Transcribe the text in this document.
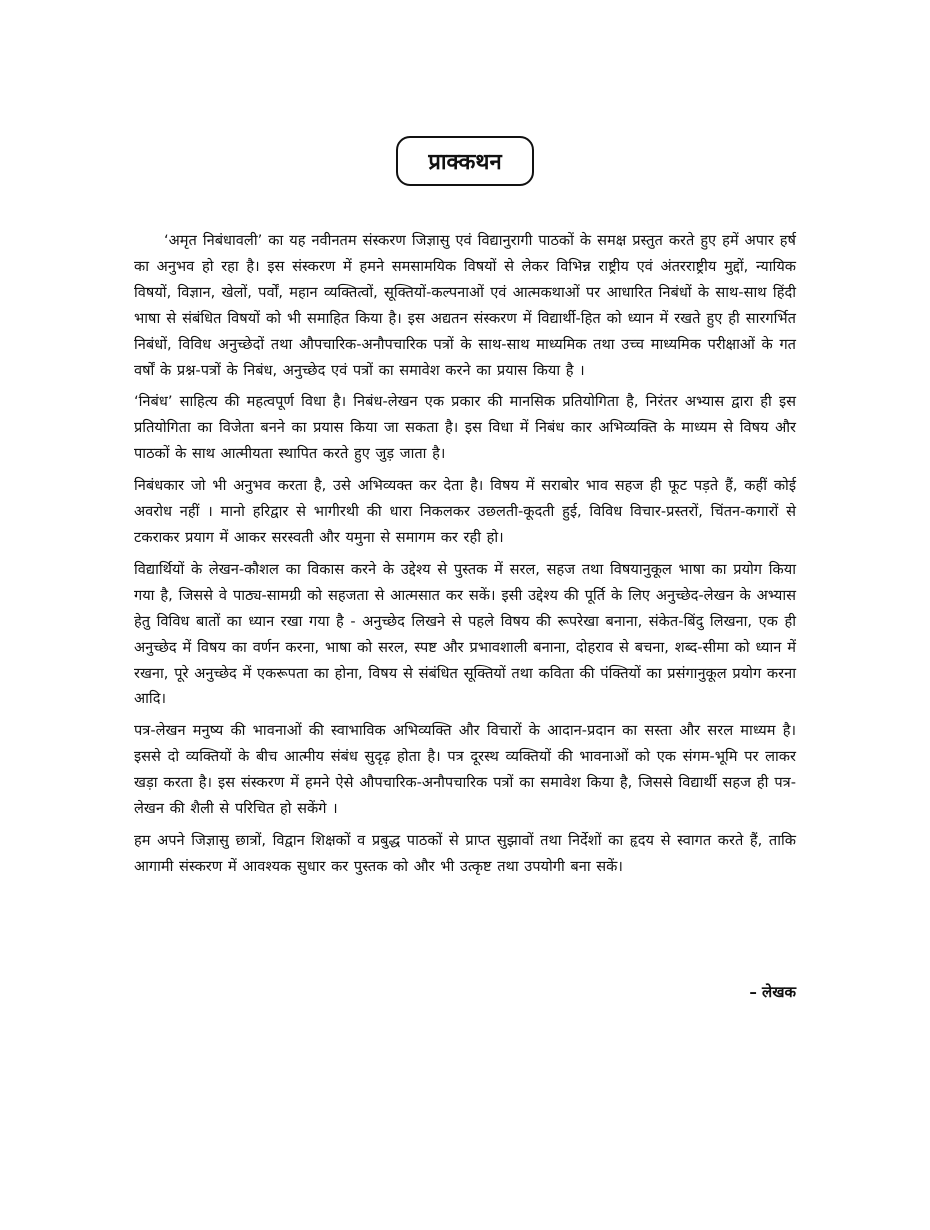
प्राक्कथन

‘अमृत निबंधावली’ का यह नवीनतम संस्करण जिज्ञासु एवं विद्यानुरागी पाठकों के समक्ष प्रस्तुत करते हुए हमें अपार हर्ष का अनुभव हो रहा है। इस संस्करण में हमने समसामयिक विषयों से लेकर विभिन्न राष्ट्रीय एवं अंतरराष्ट्रीय मुद्दों, न्यायिक विषयों, विज्ञान, खेलों, पर्वों, महान व्यक्तित्वों, सूक्तियों-कल्पनाओं एवं आत्मकथाओं पर आधारित निबंधों के साथ-साथ हिंदी भाषा से संबंधित विषयों को भी समाहित किया है। इस अद्यतन संस्करण में विद्यार्थी-हित को ध्यान में रखते हुए ही सारगर्भित निबंधों, विविध अनुच्छेदों तथा औपचारिक-अनौपचारिक पत्रों के साथ-साथ माध्यमिक तथा उच्च माध्यमिक परीक्षाओं के गत वर्षों के प्रश्न-पत्रों के निबंध, अनुच्छेद एवं पत्रों का समावेश करने का प्रयास किया है ।

‘निबंध’ साहित्य की महत्वपूर्ण विधा है। निबंध-लेखन एक प्रकार की मानसिक प्रतियोगिता है, निरंतर अभ्यास द्वारा ही इस प्रतियोगिता का विजेता बनने का प्रयास किया जा सकता है। इस विधा में निबंध कार अभिव्यक्ति के माध्यम से विषय और पाठकों के साथ आत्मीयता स्थापित करते हुए जुड़ जाता है।

निबंधकार जो भी अनुभव करता है, उसे अभिव्यक्त कर देता है। विषय में सराबोर भाव सहज ही फूट पड़ते हैं, कहीं कोई अवरोध नहीं । मानो हरिद्वार से भागीरथी की धारा निकलकर उछलती-कूदती हुई, विविध विचार-प्रस्तरों, चिंतन-कगारों से टकराकर प्रयाग में आकर सरस्वती और यमुना से समागम कर रही हो।

विद्यार्थियों के लेखन-कौशल का विकास करने के उद्देश्य से पुस्तक में सरल, सहज तथा विषयानुकूल भाषा का प्रयोग किया गया है, जिससे वे पाठ्य-सामग्री को सहजता से आत्मसात कर सकें। इसी उद्देश्य की पूर्ति के लिए अनुच्छेद-लेखन के अभ्यास हेतु विविध बातों का ध्यान रखा गया है - अनुच्छेद लिखने से पहले विषय की रूपरेखा बनाना, संकेत-बिंदु लिखना, एक ही अनुच्छेद में विषय का वर्णन करना, भाषा को सरल, स्पष्ट और प्रभावशाली बनाना, दोहराव से बचना, शब्द-सीमा को ध्यान में रखना, पूरे अनुच्छेद में एकरूपता का होना, विषय से संबंधित सूक्तियों तथा कविता की पंक्तियों का प्रसंगानुकूल प्रयोग करना आदि।

पत्र-लेखन मनुष्य की भावनाओं की स्वाभाविक अभिव्यक्ति और विचारों के आदान-प्रदान का सस्ता और सरल माध्यम है। इससे दो व्यक्तियों के बीच आत्मीय संबंध सुदृढ़ होता है। पत्र दूरस्थ व्यक्तियों की भावनाओं को एक संगम-भूमि पर लाकर खड़ा करता है। इस संस्करण में हमने ऐसे औपचारिक-अनौपचारिक पत्रों का समावेश किया है, जिससे विद्यार्थी सहज ही पत्र-लेखन की शैली से परिचित हो सकेंगे ।

हम अपने जिज्ञासु छात्रों, विद्वान शिक्षकों व प्रबुद्ध पाठकों से प्राप्त सुझावों तथा निर्देशों का हृदय से स्वागत करते हैं, ताकि आगामी संस्करण में आवश्यक सुधार कर पुस्तक को और भी उत्कृष्ट तथा उपयोगी बना सकें।

– लेखक
